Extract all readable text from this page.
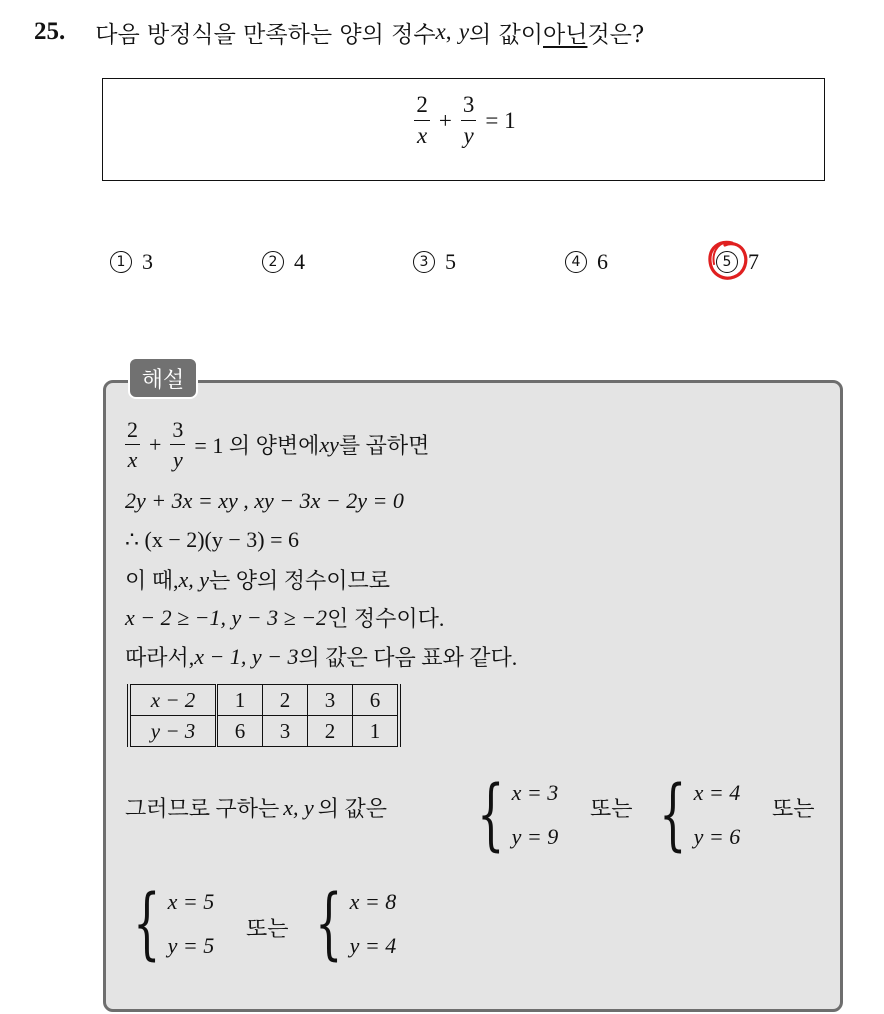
25. 다음 방정식을 만족하는 양의 정수 x ,
y 의 값이 아닌 것은?
$\frac{2}{x} + \frac{3}{y} = 1$
1 3	2 4	3 5	4 6	5 7
해설
$\frac{2}{x} + \frac{3}{y} = 1$ 의 양변에 xy 를 곱하면
2y + 3x = xy , xy − 3x − 2y = 0
∴ (x − 2)(y − 3) = 6
이 때, x, y 는 양의 정수이므로
x − 2 ≥ −1, y − 3 ≥ −2 인 정수이다.
따라서, x − 1, y − 3 의 값은 다음 표와 같다.
x − 2	1	2	3	6
y − 3	6	3	2	1
그러므로 구하는 x, y 의 값은 { x = 3
y = 9
또는 { x = 4
y = 6
또는
{ x = 5
y = 5
또는 { x = 8
y = 4
